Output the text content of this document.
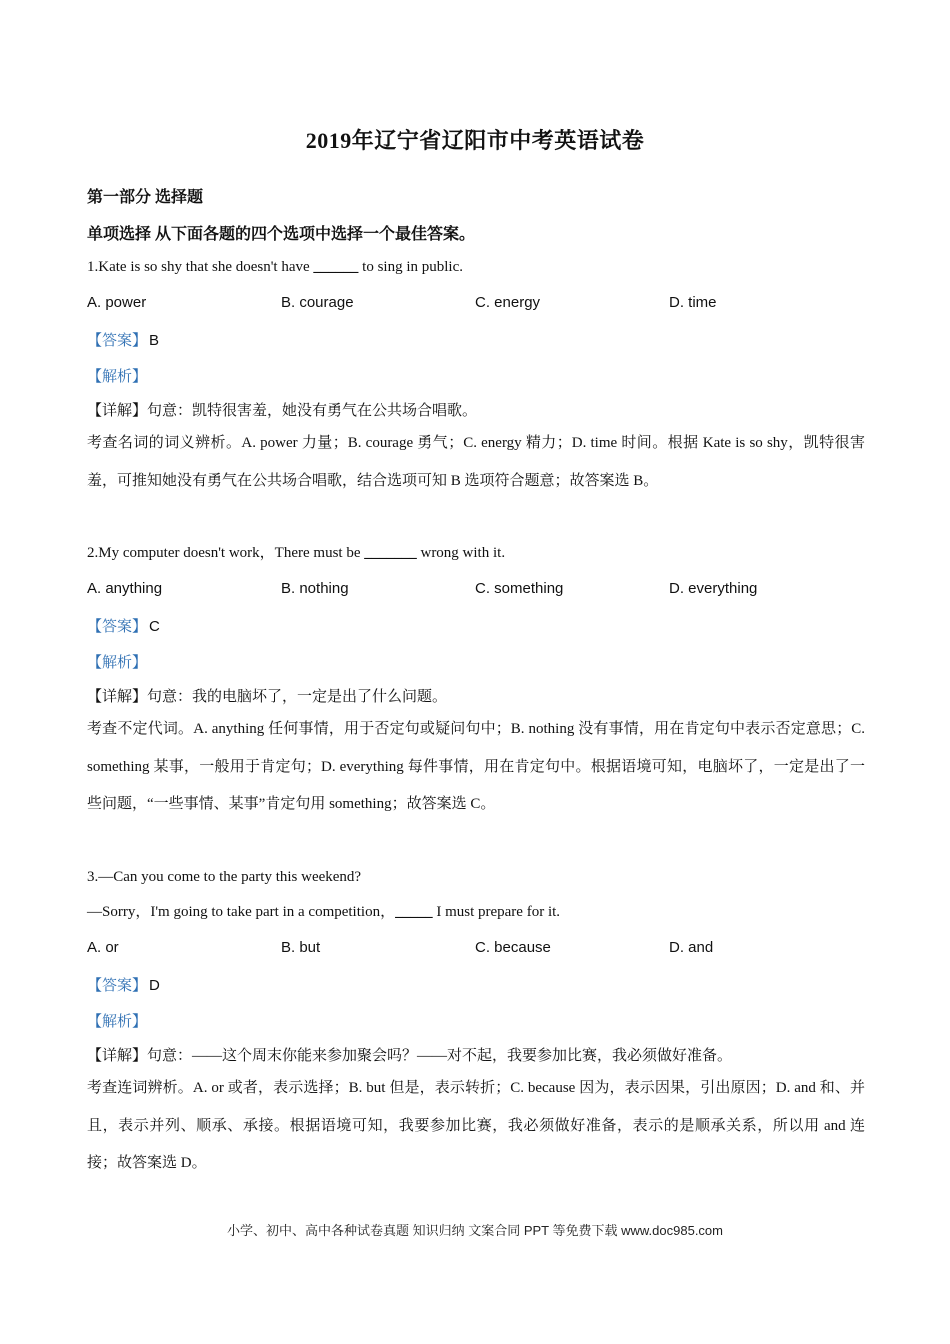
2019年辽宁省辽阳市中考英语试卷
第一部分 选择题
单项选择 从下面各题的四个选项中选择一个最佳答案。
1.Kate is so shy that she doesn't have ______ to sing in public.
A. power	B. courage	C. energy	D. time
【答案】 B
【解析】
【详解】句意：凯特很害羞，她没有勇气在公共场合唱歌。
考查名词的词义辨析。A. power 力量；B. courage 勇气；C. energy 精力；D. time 时间。根据 Kate is so shy，凯特很害羞，可推知她没有勇气在公共场合唱歌，结合选项可知 B 选项符合题意；故答案选 B。
2.My computer doesn't work，There must be _______ wrong with it.
A. anything	B. nothing	C. something	D. everything
【答案】 C
【解析】
【详解】句意：我的电脑坏了，一定是出了什么问题。
考查不定代词。A. anything 任何事情，用于否定句或疑问句中；B. nothing 没有事情，用在肯定句中表示否定意思；C. something 某事，一般用于肯定句；D. everything 每件事情，用在肯定句中。根据语境可知，电脑坏了，一定是出了一些问题，“一些事情、某事”肯定句用 something；故答案选 C。
3.—Can you come to the party this weekend?
—Sorry，I'm going to take part in a competition，_____ I must prepare for it.
A. or	B. but	C. because	D. and
【答案】 D
【解析】
【详解】句意：——这个周末你能来参加聚会吗？——对不起，我要参加比赛，我必须做好准备。
考查连词辨析。A. or 或者，表示选择；B. but 但是，表示转折；C. because 因为，表示因果，引出原因；D. and 和、并且，表示并列、顺承、承接。根据语境可知，我要参加比赛，我必须做好准备，表示的是顺承关系，所以用 and 连接；故答案选 D。
小学、初中、高中各种试卷真题 知识归纳 文案合同 PPT 等免费下载 www.doc985.com
